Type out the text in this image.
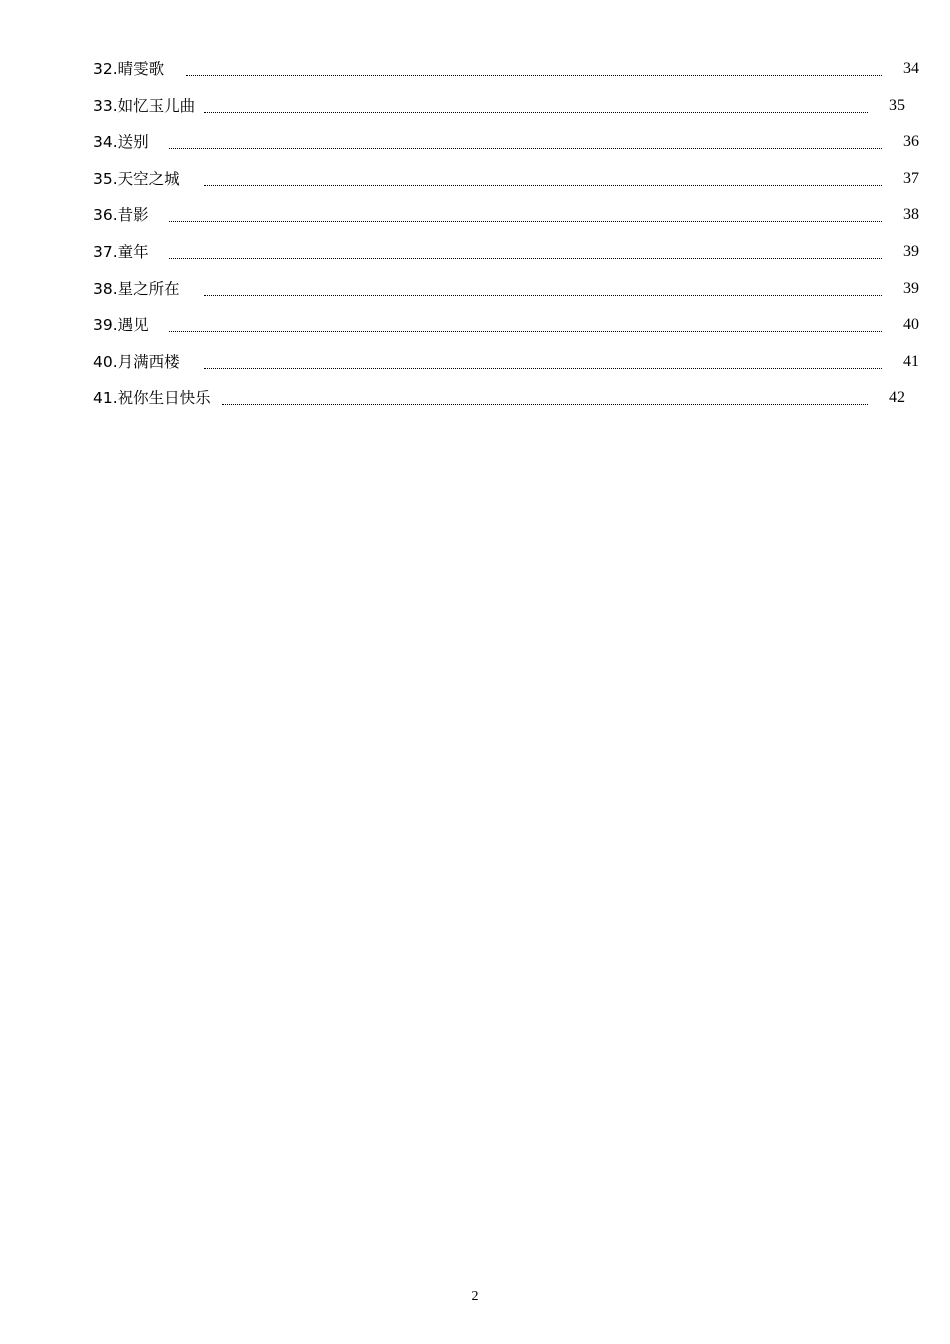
32.晴雯歌	34
33.如忆玉儿曲	35
34.送别	36
35.天空之城	37
36.昔影	38
37.童年	39
38.星之所在	39
39.遇见	40
40.月满西楼	41
41.祝你生日快乐	42
2
